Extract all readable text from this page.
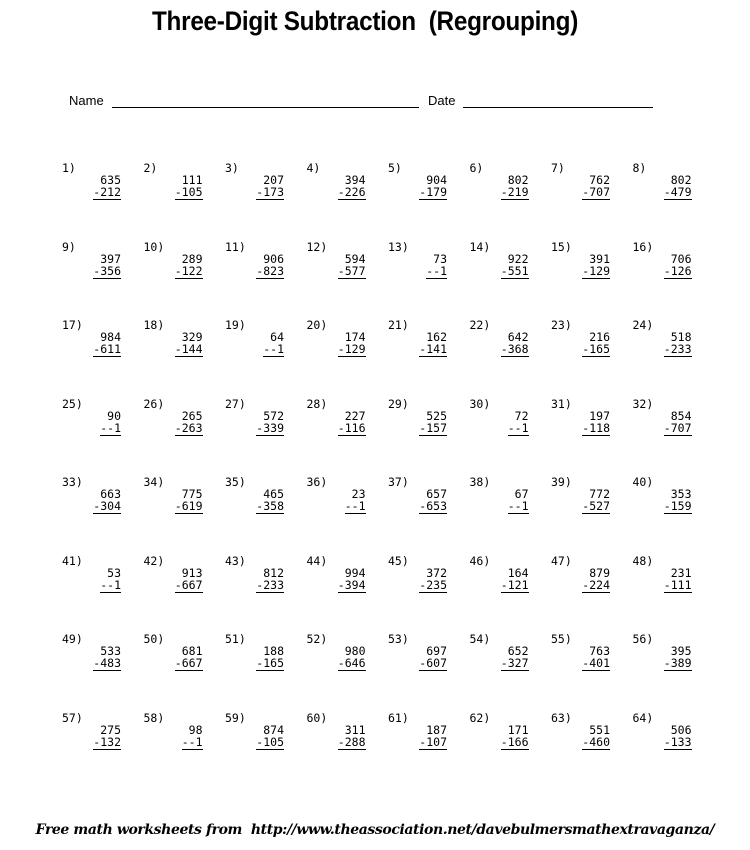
Three-Digit Subtraction  (Regrouping)
Name	Date
1)
635
-212
2)
111
-105
3)
207
-173
4)
394
-226
5)
904
-179
6)
802
-219
7)
762
-707
8)
802
-479
9)
397
-356
10)
289
-122
11)
906
-823
12)
594
-577
13)
73
--1
14)
922
-551
15)
391
-129
16)
706
-126
17)
984
-611
18)
329
-144
19)
64
--1
20)
174
-129
21)
162
-141
22)
642
-368
23)
216
-165
24)
518
-233
25)
90
--1
26)
265
-263
27)
572
-339
28)
227
-116
29)
525
-157
30)
72
--1
31)
197
-118
32)
854
-707
33)
663
-304
34)
775
-619
35)
465
-358
36)
23
--1
37)
657
-653
38)
67
--1
39)
772
-527
40)
353
-159
41)
53
--1
42)
913
-667
43)
812
-233
44)
994
-394
45)
372
-235
46)
164
-121
47)
879
-224
48)
231
-111
49)
533
-483
50)
681
-667
51)
188
-165
52)
980
-646
53)
697
-607
54)
652
-327
55)
763
-401
56)
395
-389
57)
275
-132
58)
98
--1
59)
874
-105
60)
311
-288
61)
187
-107
62)
171
-166
63)
551
-460
64)
506
-133
Free math worksheets from  http://www.theassociation.net/davebulmersmathextravaganza/
